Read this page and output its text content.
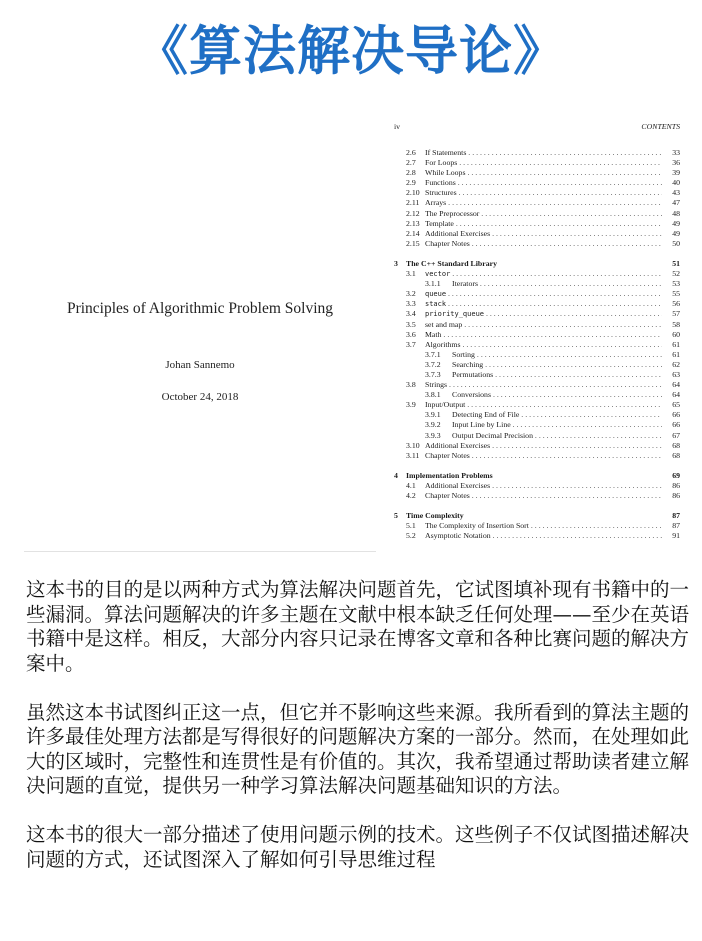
《算法解决导论》
Principles of Algorithmic Problem Solving
Johan Sannemo
October 24, 2018
iv	CONTENTS
2.6 If Statements . . .	33
2.7 For Loops . . .	36
2.8 While Loops . . .	39
2.9 Functions . . .	40
2.10 Structures . . .	43
2.11 Arrays . . .	47
2.12 The Preprocessor . . .	48
2.13 Template . . .	49
2.14 Additional Exercises . . .	49
2.15 Chapter Notes . . .	50
3 The C++ Standard Library	51
3.1 vector . . .	52
3.1.1 Iterators . . .	53
3.2 queue . . .	55
3.3 stack . . .	56
3.4 priority_queue . . .	57
3.5 set and map . . .	58
3.6 Math . . .	60
3.7 Algorithms . . .	61
3.7.1 Sorting . . .	61
3.7.2 Searching . . .	62
3.7.3 Permutations . . .	63
3.8 Strings . . .	64
3.8.1 Conversions . . .	64
3.9 Input/Output . . .	65
3.9.1 Detecting End of File . . .	66
3.9.2 Input Line by Line . . .	66
3.9.3 Output Decimal Precision . . .	67
3.10 Additional Exercises . . .	68
3.11 Chapter Notes . . .	68
4 Implementation Problems	69
4.1 Additional Exercises . . .	86
4.2 Chapter Notes . . .	86
5 Time Complexity	87
5.1 The Complexity of Insertion Sort . . .	87
5.2 Asymptotic Notation . . .	91

这本书的目的是以两种方式为算法解决问题首先，它试图填补现有书籍中的一些漏洞。算法问题解决的许多主题在文献中根本缺乏任何处理——至少在英语书籍中是这样。相反，大部分内容只记录在博客文章和各种比赛问题的解决方案中。

虽然这本书试图纠正这一点，但它并不影响这些来源。我所看到的算法主题的许多最佳处理方法都是写得很好的问题解决方案的一部分。然而，在处理如此大的区域时，完整性和连贯性是有价值的。其次，我希望通过帮助读者建立解决问题的直觉，提供另一种学习算法解决问题基础知识的方法。

这本书的很大一部分描述了使用问题示例的技术。这些例子不仅试图描述解决问题的方式，还试图深入了解如何引导思维过程
